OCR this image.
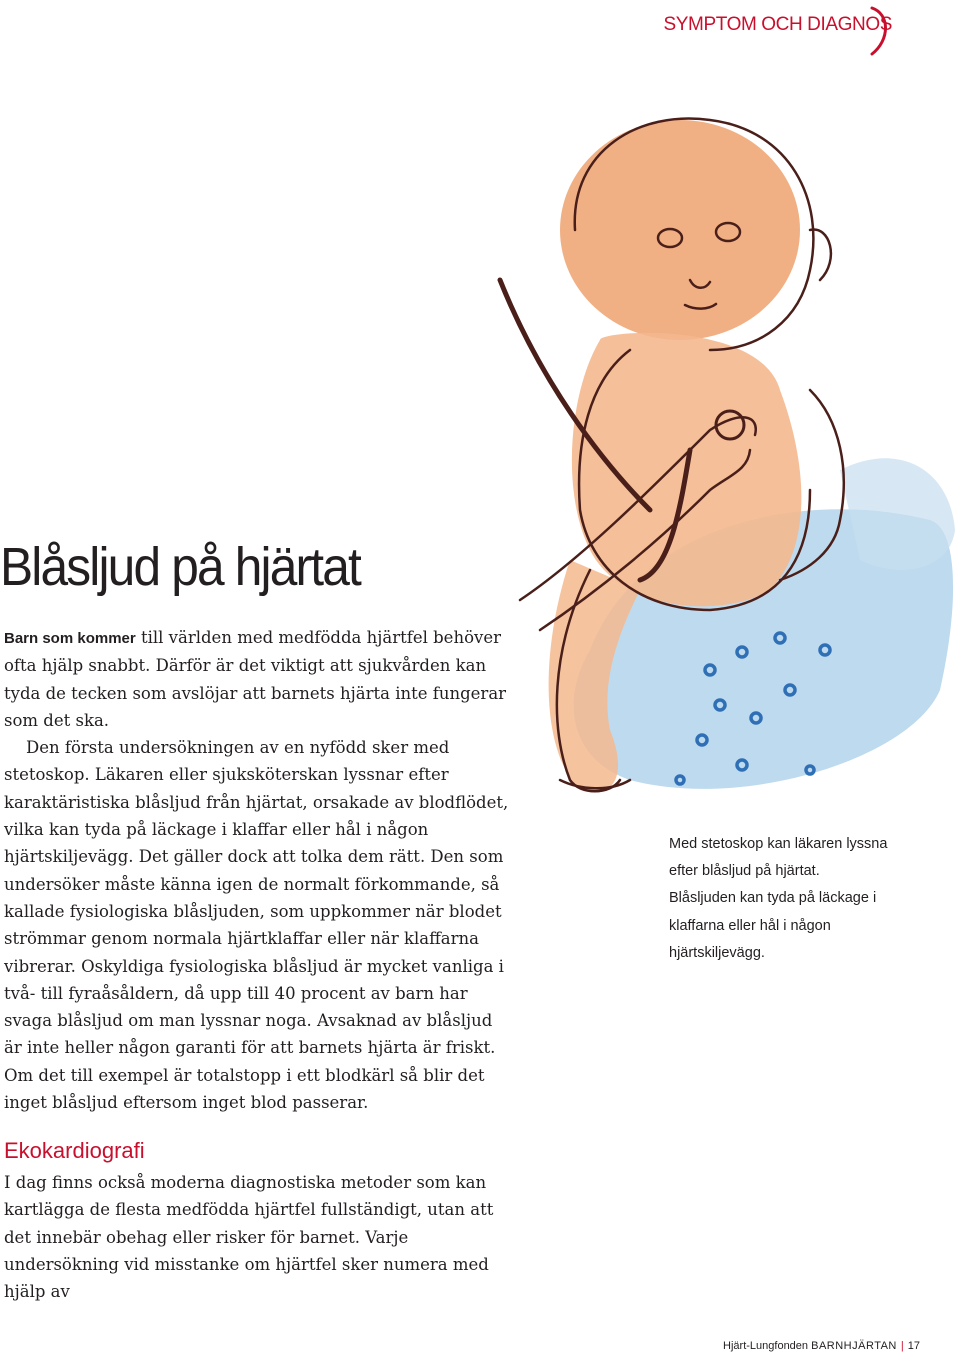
SYMPTOM OCH DIAGNOS
Blåsljud på hjärtat

Barn som kommer till världen med medfödda hjärtfel behöver ofta hjälp snabbt. Därför är det viktigt att sjukvården kan tyda de tecken som avslöjar att barnets hjärta inte fungerar som det ska.

Den första undersökningen av en nyfödd sker med stetoskop. Läkaren eller sjuksköterskan lyssnar efter karaktäristiska blåsljud från hjärtat, orsakade av blodflödet, vilka kan tyda på läckage i klaffar eller hål i någon hjärtskiljevägg. Det gäller dock att tolka dem rätt. Den som undersöker måste känna igen de normalt förkommande, så kallade fysiologiska blåsljuden, som uppkommer när blodet strömmar genom normala hjärtklaffar eller när klaffarna vibrerar. Oskyldiga fysiologiska blåsljud är mycket vanliga i två- till fyraåsåldern, då upp till 40 procent av barn har svaga blåsljud om man lyssnar noga. Avsaknad av blåsljud är inte heller någon garanti för att barnets hjärta är friskt. Om det till exempel är totalstopp i ett blodkärl så blir det inget blåsljud eftersom inget blod passerar.

Ekokardiografi

I dag finns också moderna diagnostiska metoder som kan kartlägga de flesta medfödda hjärtfel fullständigt, utan att det innebär obehag eller risker för barnet. Varje undersökning vid misstanke om hjärtfel sker numera med hjälp av

Med stetoskop kan läkaren lyssna efter blåsljud på hjärtat. Blåsljuden kan tyda på läckage i klaffarna eller hål i någon hjärtskiljevägg.
Hjärt-Lungfonden BARNHJÄRTAN | 17
